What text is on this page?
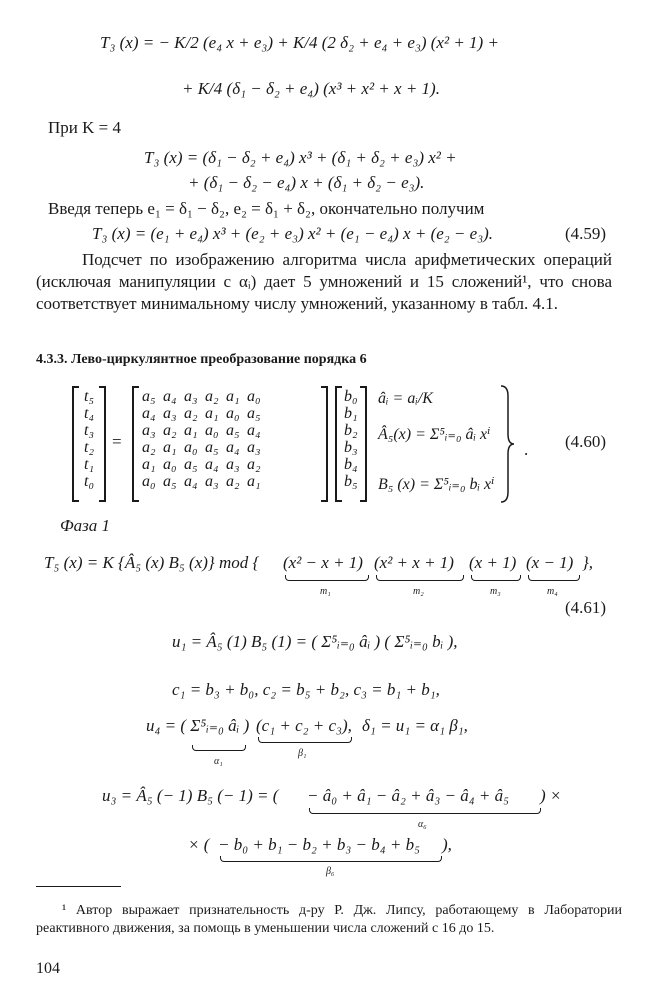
T₃ (x) = − K/2 (e₄ x + e₃) + K/4 (2 δ₂ + e₄ + e₃) (x² + 1) +
+ K/4 (δ₁ − δ₂ + e₄) (x³ + x² + x + 1).
При K = 4
T₃ (x) = (δ₁ − δ₂ + e₄) x³ + (δ₁ + δ₂ + e₃) x² +
+ (δ₁ − δ₂ − e₄) x + (δ₁ + δ₂ − e₃).
Введя теперь e₁ = δ₁ − δ₂, e₂ = δ₁ + δ₂, окончательно получим
T₃ (x) = (e₁ + e₄) x³ + (e₂ + e₃) x² + (e₁ − e₄) x + (e₂ − e₃).	(4.59)
Подсчет по изображению алгоритма числа арифметических операций (исключая манипуляции с αᵢ) дает 5 умножений и 15 сложений¹, что снова соответствует минимальному числу умножений, указанному в табл. 4.1.
4.3.3. Лево-циркулянтное преобразование порядка 6
t₅
t₄
t₃
t₂
t₁
t₀
=
a₅ a₄ a₃ a₂ a₁ a₀
a₄ a₃ a₂ a₁ a₀ a₅
a₃ a₂ a₁ a₀ a₅ a₄
a₂ a₁ a₀ a₅ a₄ a₃
a₁ a₀ a₅ a₄ a₃ a₂
a₀ a₅ a₄ a₃ a₂ a₁
b₀
b₁
b₂
b₃
b₄
b₅
âᵢ = aᵢ/K
Â₅(x) = Σ⁵ᵢ₌₀ âᵢ xⁱ
B₅ (x) = Σ⁵ᵢ₌₀ bᵢ xⁱ
. (4.60)
Фаза 1
T₅ (x) = K {Â₅ (x) B₅ (x)} mod { (x² − x + 1) (x² + x + 1) (x + 1) (x − 1) },
m₁	m₂	m₃	m₄
(4.61)
u₁ = Â₅ (1) B₅ (1) = ( Σ⁵ᵢ₌₀ âᵢ ) ( Σ⁵ᵢ₌₀ bᵢ ),
c₁ = b₃ + b₀, c₂ = b₅ + b₂, c₃ = b₁ + b₁,
u₄ = ( Σ⁵ᵢ₌₀ âᵢ ) (c₁ + c₂ + c₃), δ₁ = u₁ = α₁ β₁,
α₁
β₁
u₃ = Â₅ (− 1) B₅ (− 1) = ( − â₀ + â₁ − â₂ + â₃ − â₄ + â₅ ) ×
α₆
× ( − b₀ + b₁ − b₂ + b₃ − b₄ + b₅ ),
β₆
¹ Автор выражает признательность д-ру Р. Дж. Липсу, работающему в Лаборатории реактивного движения, за помощь в уменьшении числа сложений с 16 до 15.
104
